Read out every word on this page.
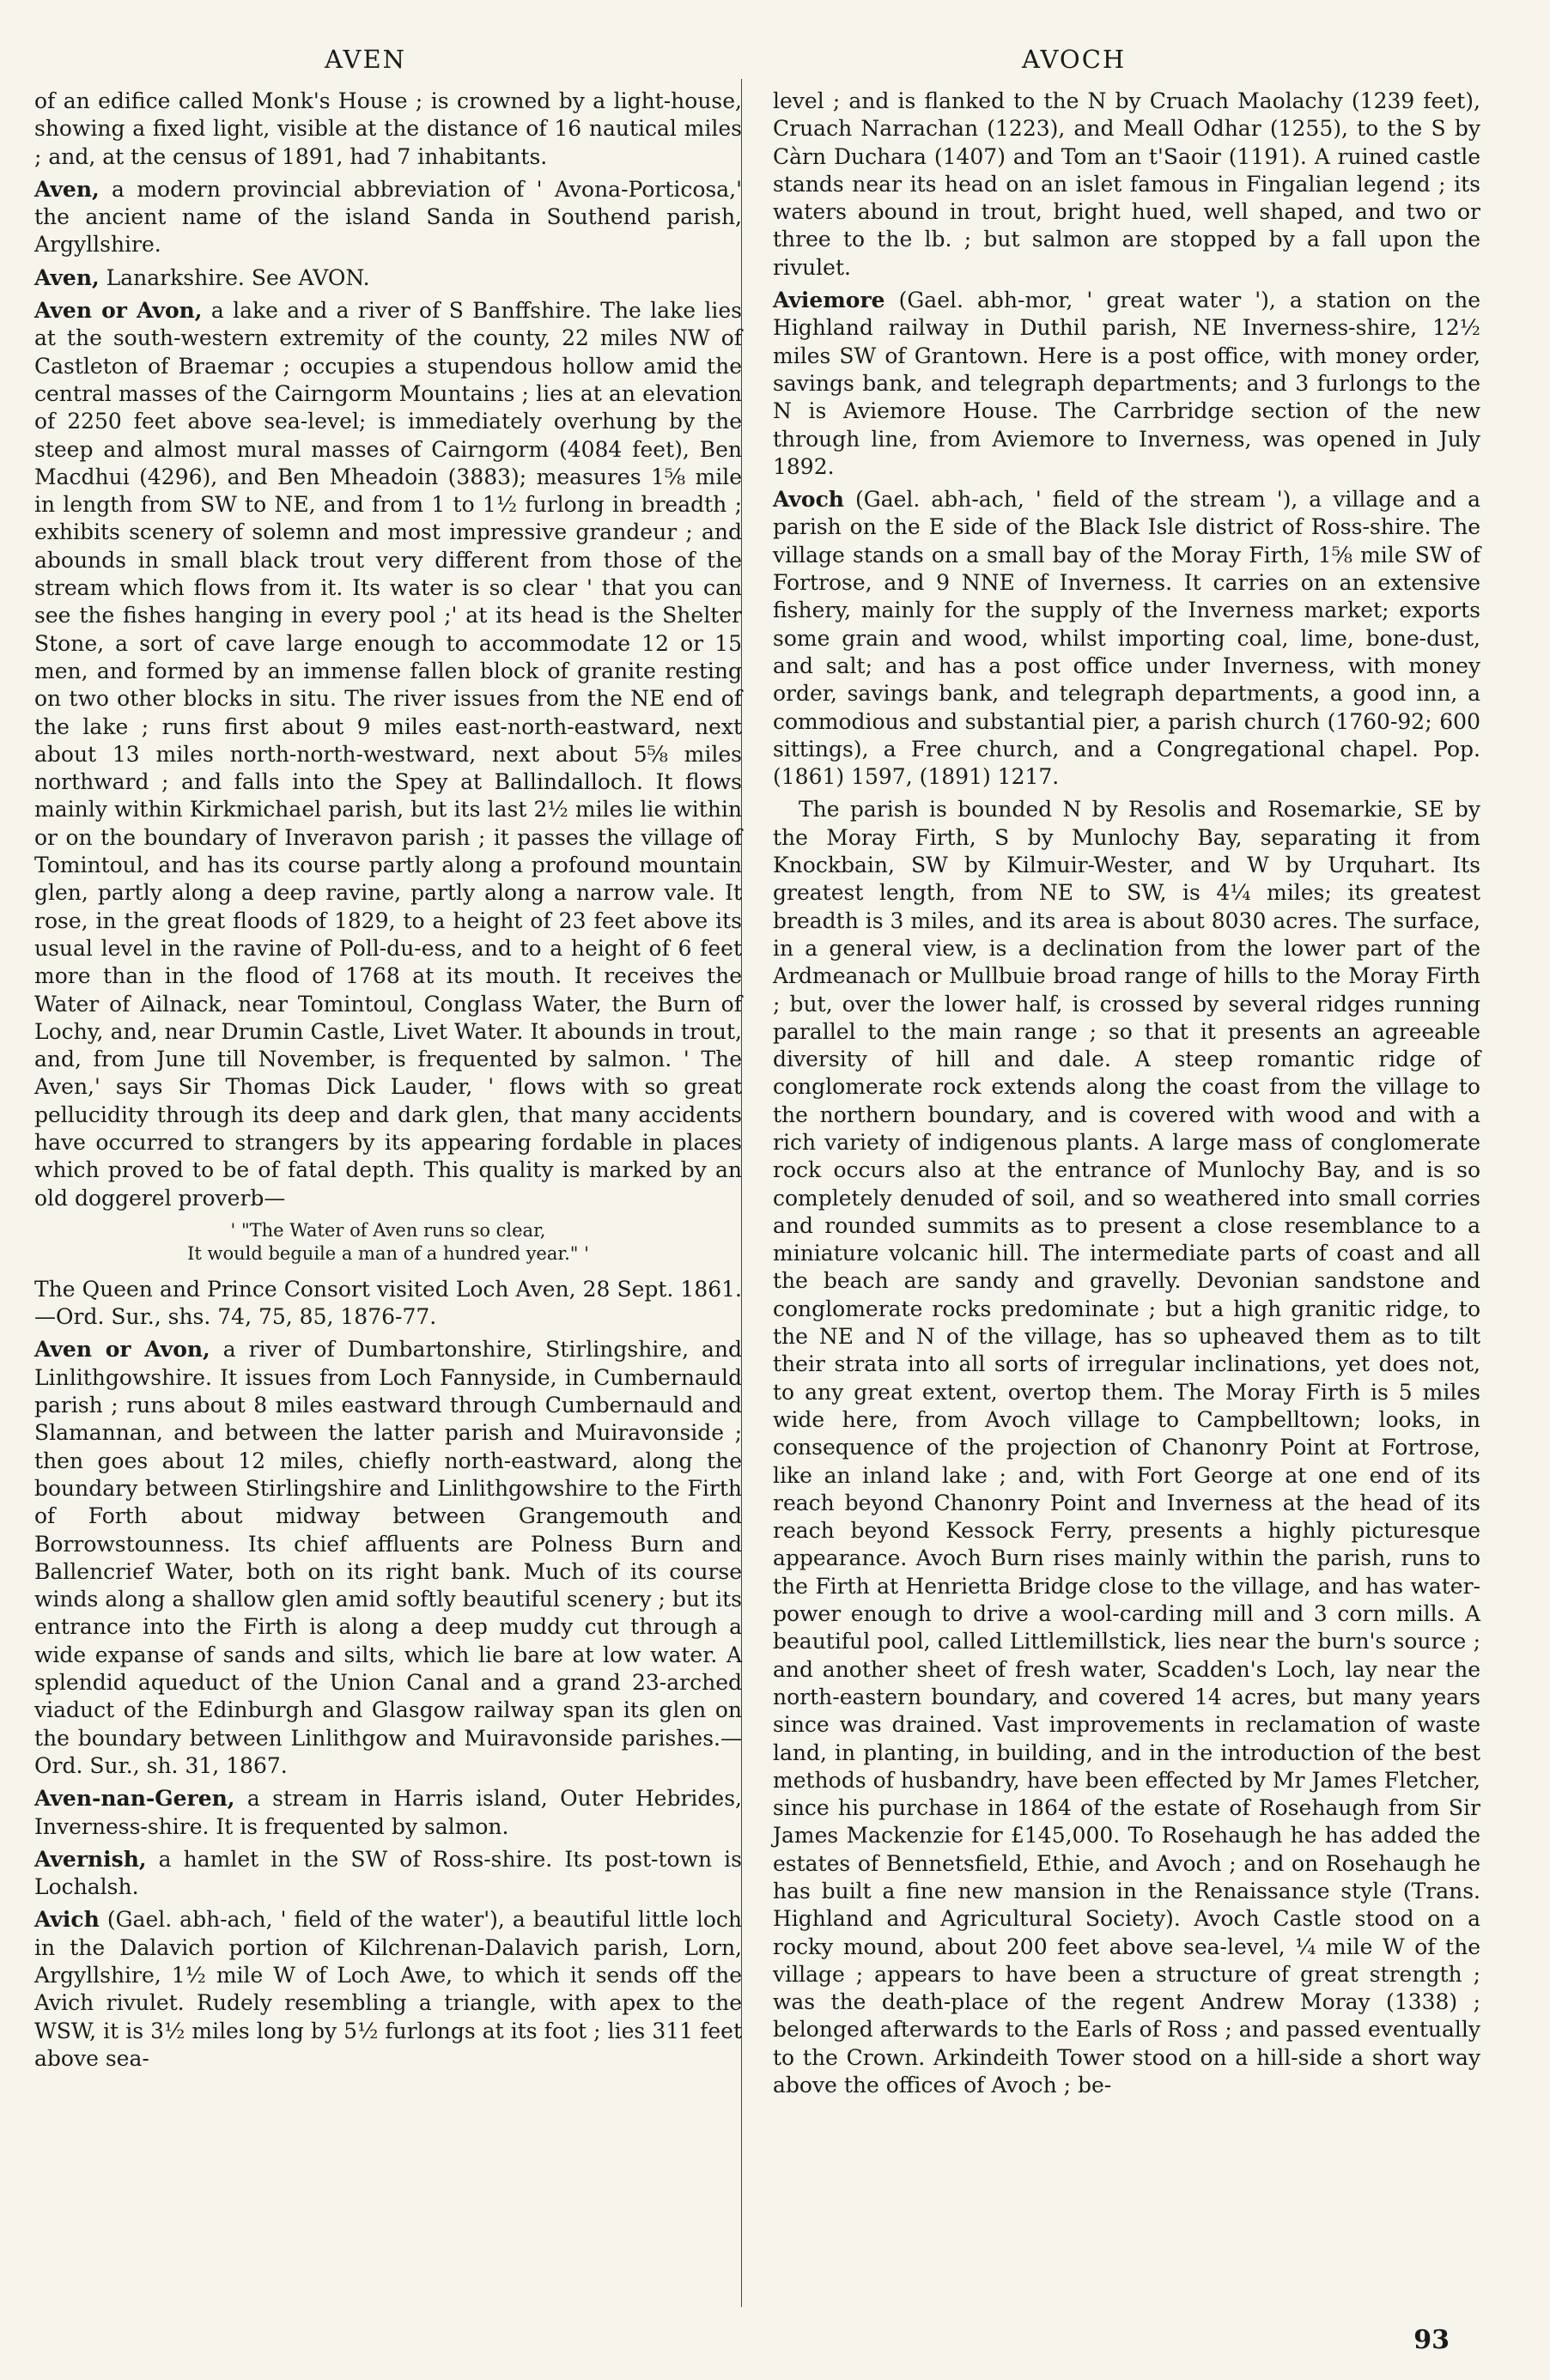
AVEN	AVOCH

of an edifice called Monk's House ; is crowned by a light-house, showing a fixed light, visible at the distance of 16 nautical miles ; and, at the census of 1891, had 7 inhabitants.

Aven, a modern provincial abbreviation of ' Avona-Porticosa,' the ancient name of the island Sanda in Southend parish, Argyllshire.

Aven, Lanarkshire. See AVON.

Aven or Avon, a lake and a river of S Banffshire. The lake lies at the south-western extremity of the county, 22 miles NW of Castleton of Braemar ; occupies a stupendous hollow amid the central masses of the Cairngorm Mountains ; lies at an elevation of 2250 feet above sea-level; is immediately overhung by the steep and almost mural masses of Cairngorm (4084 feet), Ben Macdhui (4296), and Ben Mheadoin (3883); measures 1⅝ mile in length from SW to NE, and from 1 to 1½ furlong in breadth ; exhibits scenery of solemn and most impressive grandeur ; and abounds in small black trout very different from those of the stream which flows from it. Its water is so clear ' that you can see the fishes hanging in every pool ;' at its head is the Shelter Stone, a sort of cave large enough to accommodate 12 or 15 men, and formed by an immense fallen block of granite resting on two other blocks in situ. The river issues from the NE end of the lake ; runs first about 9 miles east-north-eastward, next about 13 miles north-north-westward, next about 5⅝ miles northward ; and falls into the Spey at Ballindalloch. It flows mainly within Kirkmichael parish, but its last 2½ miles lie within or on the boundary of Inveravon parish ; it passes the village of Tomintoul, and has its course partly along a profound mountain glen, partly along a deep ravine, partly along a narrow vale. It rose, in the great floods of 1829, to a height of 23 feet above its usual level in the ravine of Poll-du-ess, and to a height of 6 feet more than in the flood of 1768 at its mouth. It receives the Water of Ailnack, near Tomintoul, Conglass Water, the Burn of Lochy, and, near Drumin Castle, Livet Water. It abounds in trout, and, from June till November, is frequented by salmon. ' The Aven,' says Sir Thomas Dick Lauder, ' flows with so great pellucidity through its deep and dark glen, that many accidents have occurred to strangers by its appearing fordable in places which proved to be of fatal depth. This quality is marked by an old doggerel proverb—

' "The Water of Aven runs so clear,
It would beguile a man of a hundred year." '

The Queen and Prince Consort visited Loch Aven, 28 Sept. 1861.—Ord. Sur., shs. 74, 75, 85, 1876-77.

Aven or Avon, a river of Dumbartonshire, Stirlingshire, and Linlithgowshire. It issues from Loch Fannyside, in Cumbernauld parish ; runs about 8 miles eastward through Cumbernauld and Slamannan, and between the latter parish and Muiravonside ; then goes about 12 miles, chiefly north-eastward, along the boundary between Stirlingshire and Linlithgowshire to the Firth of Forth about midway between Grangemouth and Borrowstounness. Its chief affluents are Polness Burn and Ballencrief Water, both on its right bank. Much of its course winds along a shallow glen amid softly beautiful scenery ; but its entrance into the Firth is along a deep muddy cut through a wide expanse of sands and silts, which lie bare at low water. A splendid aqueduct of the Union Canal and a grand 23-arched viaduct of the Edinburgh and Glasgow railway span its glen on the boundary between Linlithgow and Muiravonside parishes.—Ord. Sur., sh. 31, 1867.

Aven-nan-Geren, a stream in Harris island, Outer Hebrides, Inverness-shire. It is frequented by salmon.

Avernish, a hamlet in the SW of Ross-shire. Its post-town is Lochalsh.

Avich (Gael. abh-ach, ' field of the water'), a beautiful little loch in the Dalavich portion of Kilchrenan-Dalavich parish, Lorn, Argyllshire, 1½ mile W of Loch Awe, to which it sends off the Avich rivulet. Rudely resembling a triangle, with apex to the WSW, it is 3½ miles long by 5½ furlongs at its foot ; lies 311 feet above sea-

level ; and is flanked to the N by Cruach Maolachy (1239 feet), Cruach Narrachan (1223), and Meall Odhar (1255), to the S by Càrn Duchara (1407) and Tom an t'Saoir (1191). A ruined castle stands near its head on an islet famous in Fingalian legend ; its waters abound in trout, bright hued, well shaped, and two or three to the lb. ; but salmon are stopped by a fall upon the rivulet.

Aviemore (Gael. abh-mor, ' great water '), a station on the Highland railway in Duthil parish, NE Inverness-shire, 12½ miles SW of Grantown. Here is a post office, with money order, savings bank, and telegraph departments; and 3 furlongs to the N is Aviemore House. The Carrbridge section of the new through line, from Aviemore to Inverness, was opened in July 1892.

Avoch (Gael. abh-ach, ' field of the stream '), a village and a parish on the E side of the Black Isle district of Ross-shire. The village stands on a small bay of the Moray Firth, 1⅝ mile SW of Fortrose, and 9 NNE of Inverness. It carries on an extensive fishery, mainly for the supply of the Inverness market; exports some grain and wood, whilst importing coal, lime, bone-dust, and salt; and has a post office under Inverness, with money order, savings bank, and telegraph departments, a good inn, a commodious and substantial pier, a parish church (1760-92; 600 sittings), a Free church, and a Congregational chapel. Pop. (1861) 1597, (1891) 1217.

The parish is bounded N by Resolis and Rosemarkie, SE by the Moray Firth, S by Munlochy Bay, separating it from Knockbain, SW by Kilmuir-Wester, and W by Urquhart. Its greatest length, from NE to SW, is 4¼ miles; its greatest breadth is 3 miles, and its area is about 8030 acres. The surface, in a general view, is a declination from the lower part of the Ardmeanach or Mullbuie broad range of hills to the Moray Firth ; but, over the lower half, is crossed by several ridges running parallel to the main range ; so that it presents an agreeable diversity of hill and dale. A steep romantic ridge of conglomerate rock extends along the coast from the village to the northern boundary, and is covered with wood and with a rich variety of indigenous plants. A large mass of conglomerate rock occurs also at the entrance of Munlochy Bay, and is so completely denuded of soil, and so weathered into small corries and rounded summits as to present a close resemblance to a miniature volcanic hill. The intermediate parts of coast and all the beach are sandy and gravelly. Devonian sandstone and conglomerate rocks predominate ; but a high granitic ridge, to the NE and N of the village, has so upheaved them as to tilt their strata into all sorts of irregular inclinations, yet does not, to any great extent, overtop them. The Moray Firth is 5 miles wide here, from Avoch village to Campbelltown; looks, in consequence of the projection of Chanonry Point at Fortrose, like an inland lake ; and, with Fort George at one end of its reach beyond Chanonry Point and Inverness at the head of its reach beyond Kessock Ferry, presents a highly picturesque appearance. Avoch Burn rises mainly within the parish, runs to the Firth at Henrietta Bridge close to the village, and has water-power enough to drive a wool-carding mill and 3 corn mills. A beautiful pool, called Littlemillstick, lies near the burn's source ; and another sheet of fresh water, Scadden's Loch, lay near the north-eastern boundary, and covered 14 acres, but many years since was drained. Vast improvements in reclamation of waste land, in planting, in building, and in the introduction of the best methods of husbandry, have been effected by Mr James Fletcher, since his purchase in 1864 of the estate of Rosehaugh from Sir James Mackenzie for £145,000. To Rosehaugh he has added the estates of Bennetsfield, Ethie, and Avoch ; and on Rosehaugh he has built a fine new mansion in the Renaissance style (Trans. Highland and Agricultural Society). Avoch Castle stood on a rocky mound, about 200 feet above sea-level, ¼ mile W of the village ; appears to have been a structure of great strength ; was the death-place of the regent Andrew Moray (1338) ; belonged afterwards to the Earls of Ross ; and passed eventually to the Crown. Arkindeith Tower stood on a hill-side a short way above the offices of Avoch ; be-

93
